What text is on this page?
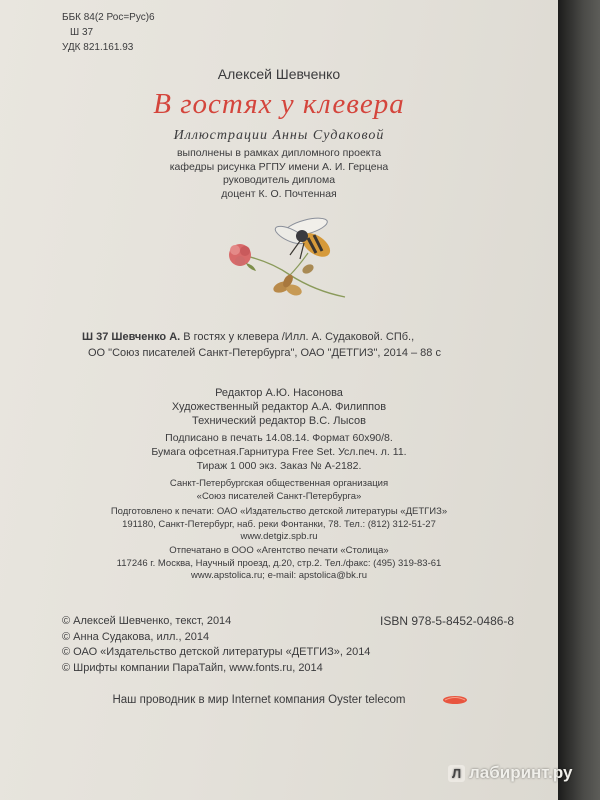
ББК 84(2 Рос=Рус)6
Ш 37
УДК 821.161.93
Алексей Шевченко
В гостях у клевера
Иллюстрации Анны Судаковой
выполнены в рамках дипломного проекта
кафедры рисунка РГПУ имени А. И. Герцена
руководитель диплома
доцент К. О. Почтенная
Ш 37 Шевченко А. В гостях у клевера /Илл. А. Судаковой. СПб.,
ОО "Союз писателей Санкт-Петербурга", ОАО "ДЕТГИЗ", 2014 – 88 с
Редактор А.Ю. Насонова
Художественный редактор А.А. Филиппов
Технический редактор В.С. Лысов
Подписано в печать 14.08.14. Формат 60х90/8.
Бумага офсетная.Гарнитура Free Set. Усл.печ. л. 11.
Тираж 1 000 экз. Заказ № А-2182.
Санкт-Петербургская общественная организация
«Союз писателей Санкт-Петербурга»
Подготовлено к печати: ОАО «Издательство детской литературы «ДЕТГИЗ»
191180, Санкт-Петербург, наб. реки Фонтанки, 78. Тел.: (812) 312-51-27
www.detgiz.spb.ru
Отпечатано в ООО «Агентство печати «Столица»
117246 г. Москва, Научный проезд, д.20, стр.2. Тел./факс: (495) 319-83-61
www.apstolica.ru; e-mail: apstolica@bk.ru
© Алексей Шевченко, текст, 2014
© Анна Судакова, илл., 2014
© ОАО «Издательство детской литературы «ДЕТГИЗ», 2014
© Шрифты компании ПараТайп, www.fonts.ru, 2014
ISBN 978-5-8452-0486-8
Наш проводник в мир Internet компания Oyster telecom
Л лабиринт.ру
